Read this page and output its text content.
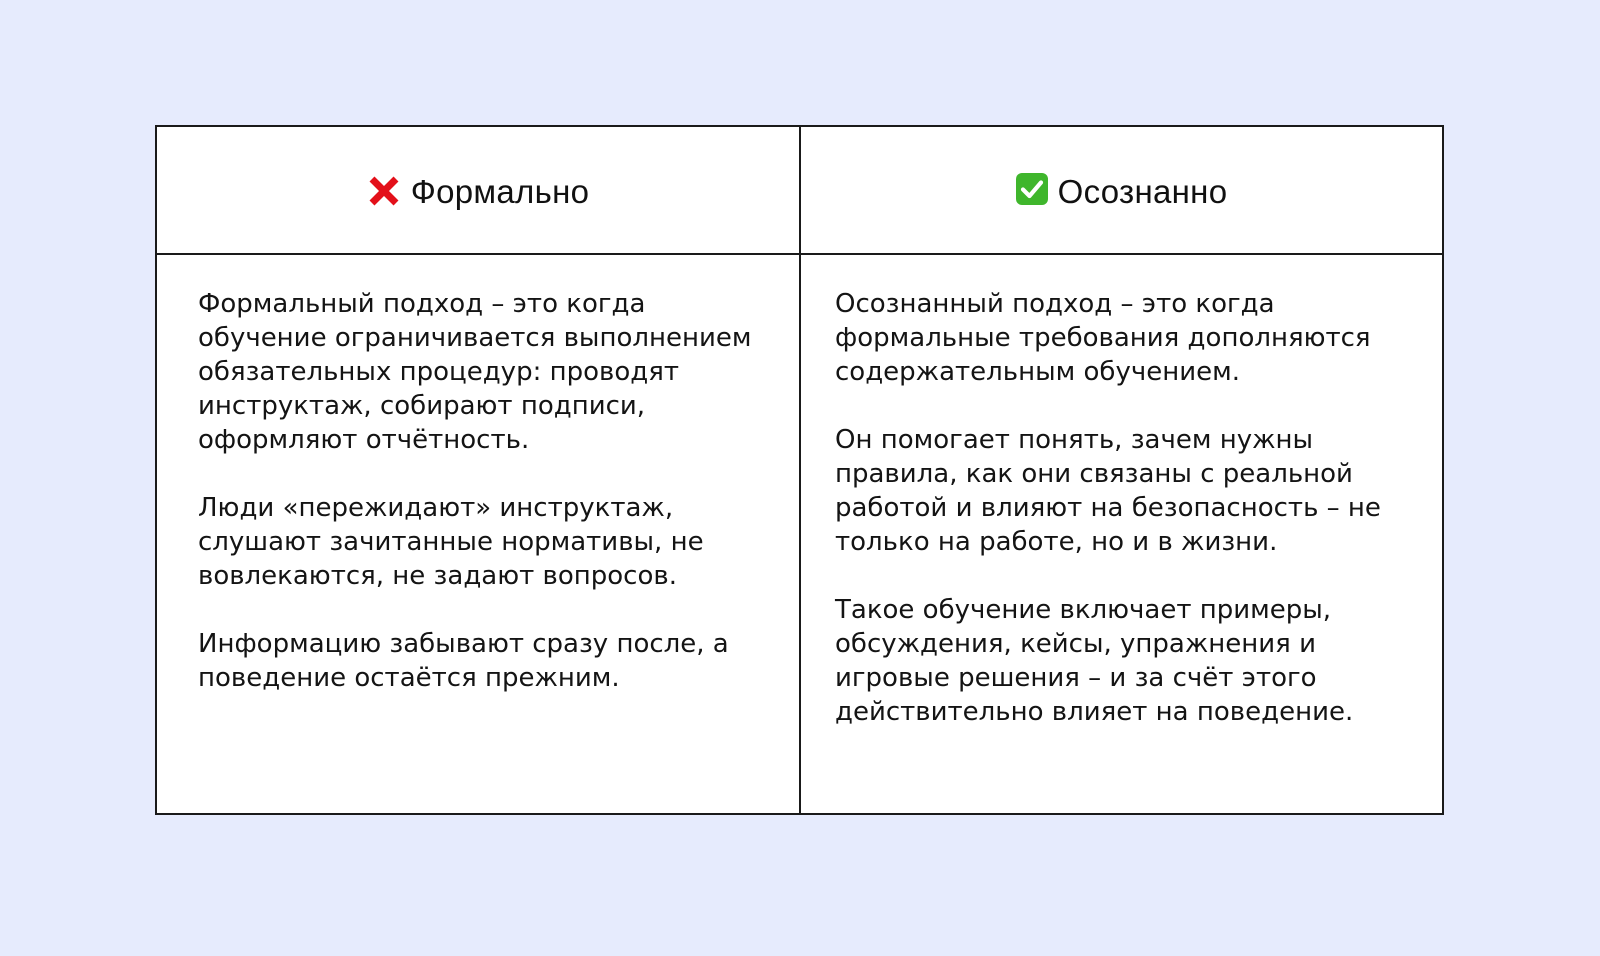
Формально	Осознанно

Формальный подход – это когда обучение ограничивается выполнением обязательных процедур: проводят инструктаж, собирают подписи, оформляют отчётность.

Люди «пережидают» инструктаж, слушают зачитанные нормативы, не вовлекаются, не задают вопросов.

Информацию забывают сразу после, а поведение остаётся прежним.

Осознанный подход – это когда формальные требования дополняются содержательным обучением.

Он помогает понять, зачем нужны правила, как они связаны с реальной работой и влияют на безопасность – не только на работе, но и в жизни.

Такое обучение включает примеры, обсуждения, кейсы, упражнения и игровые решения – и за счёт этого действительно влияет на поведение.
